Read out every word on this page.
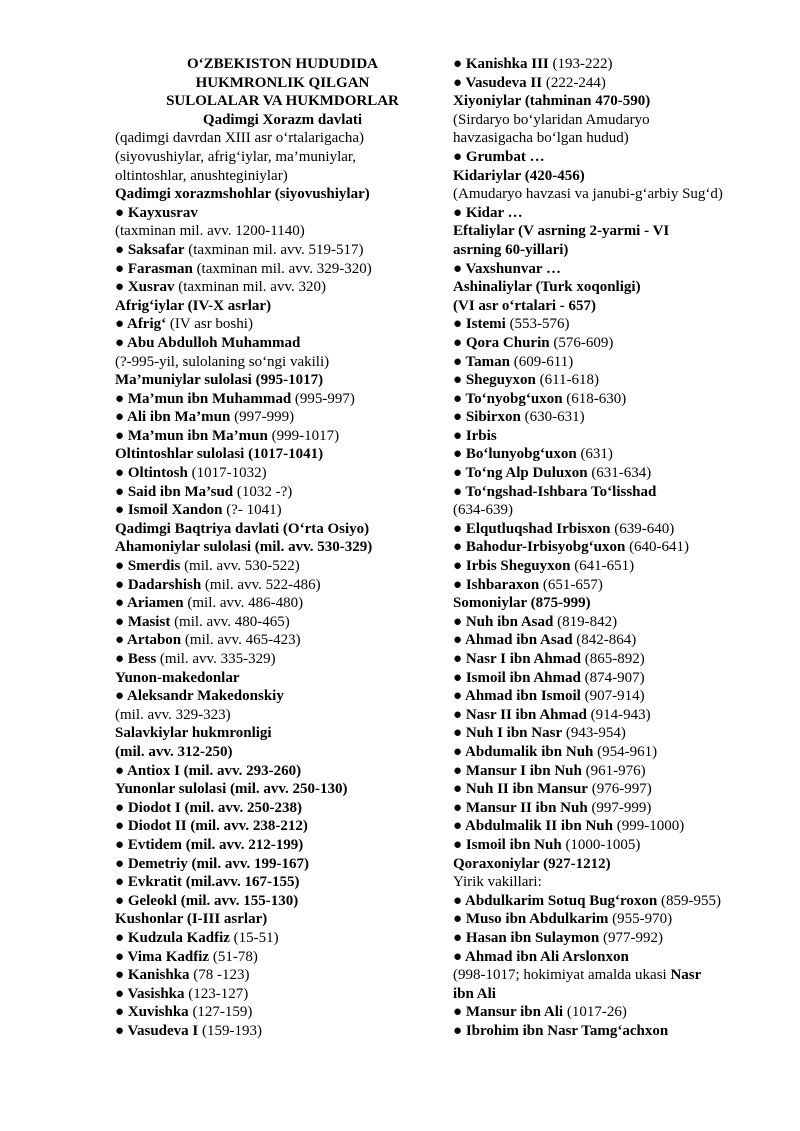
O‘ZBEKISTON HUDUDIDA
HUKMRONLIK QILGAN
SULOLALAR VA HUKMDORLAR
Qadimgi Xorazm davlati
(qadimgi davrdan XIII asr o‘rtalarigacha)
(siyovushiylar, afrig‘iylar, ma’muniylar,
oltintoshlar, anushteginiylar)
Qadimgi xorazmshohlar (siyovushiylar)
● Kayxusrav
(taxminan mil. avv. 1200-1140)
● Saksafar (taxminan mil. avv. 519-517)
● Farasman (taxminan mil. avv. 329-320)
● Xusrav (taxminan mil. avv. 320)
Afrig‘iylar (IV-X asrlar)
● Afrig‘ (IV asr boshi)
● Abu Abdulloh Muhammad
(?-995-yil, sulolaning so‘ngi vakili)
Ma’muniylar sulolasi (995-1017)
● Ma’mun ibn Muhammad (995-997)
● Ali ibn Ma’mun (997-999)
● Ma’mun ibn Ma’mun (999-1017)
Oltintoshlar sulolasi (1017-1041)
● Oltintosh (1017-1032)
● Said ibn Ma’sud (1032 -?)
● Ismoil Xandon (?- 1041)
Qadimgi Baqtriya davlati (O‘rta Osiyo)
Ahamoniylar sulolasi (mil. avv. 530-329)
● Smerdis (mil. avv. 530-522)
● Dadarshish (mil. avv. 522-486)
● Ariamen (mil. avv. 486-480)
● Masist (mil. avv. 480-465)
● Artabon (mil. avv. 465-423)
● Bess (mil. avv. 335-329)
Yunon-makedonlar
● Aleksandr Makedonskiy
(mil. avv. 329-323)
Salavkiylar hukmronligi
(mil. avv. 312-250)
● Antiox I (mil. avv. 293-260)
Yunonlar sulolasi (mil. avv. 250-130)
● Diodot I (mil. avv. 250-238)
● Diodot II (mil. avv. 238-212)
● Evtidem (mil. avv. 212-199)
● Demetriy (mil. avv. 199-167)
● Evkratit (mil.avv. 167-155)
● Geleokl (mil. avv. 155-130)
Kushonlar (I-III asrlar)
● Kudzula Kadfiz (15-51)
● Vima Kadfiz (51-78)
● Kanishka (78 -123)
● Vasishka (123-127)
● Xuvishka (127-159)
● Vasudeva I (159-193)
● Kanishka III (193-222)
● Vasudeva II (222-244)
Xiyoniylar (tahminan 470-590)
(Sirdaryo bo‘ylaridan Amudaryo
havzasigacha bo‘lgan hudud)
● Grumbat …
Kidariylar (420-456)
(Amudaryo havzasi va janubi-g‘arbiy Sug‘d)
● Kidar …
Eftaliylar (V asrning 2-yarmi - VI
asrning 60-yillari)
● Vaxshunvar …
Ashinaliylar (Turk xoqonligi)
(VI asr o‘rtalari - 657)
● Istemi (553-576)
● Qora Churin (576-609)
● Taman (609-611)
● Sheguyxon (611-618)
● To‘nyobg‘uxon (618-630)
● Sibirxon (630-631)
● Irbis
● Bo‘lunyobg‘uxon (631)
● To‘ng Alp Duluxon (631-634)
● To‘ngshad-Ishbara To‘lisshad
(634-639)
● Elqutluqshad Irbisxon (639-640)
● Bahodur-Irbisyobg‘uxon (640-641)
● Irbis Sheguyxon (641-651)
● Ishbaraxon (651-657)
Somoniylar (875-999)
● Nuh ibn Asad (819-842)
● Ahmad ibn Asad (842-864)
● Nasr I ibn Ahmad (865-892)
● Ismoil ibn Ahmad (874-907)
● Ahmad ibn Ismoil (907-914)
● Nasr II ibn Ahmad (914-943)
● Nuh I ibn Nasr (943-954)
● Abdumalik ibn Nuh (954-961)
● Mansur I ibn Nuh (961-976)
● Nuh II ibn Mansur (976-997)
● Mansur II ibn Nuh (997-999)
● Abdulmalik II ibn Nuh (999-1000)
● Ismoil ibn Nuh (1000-1005)
Qoraxoniylar (927-1212)
Yirik vakillari:
● Abdulkarim Sotuq Bug‘roxon (859-955)
● Muso ibn Abdulkarim (955-970)
● Hasan ibn Sulaymon (977-992)
● Ahmad ibn Ali Arslonxon
(998-1017; hokimiyat amalda ukasi Nasr
ibn Ali
● Mansur ibn Ali (1017-26)
● Ibrohim ibn Nasr Tamg‘achxon
